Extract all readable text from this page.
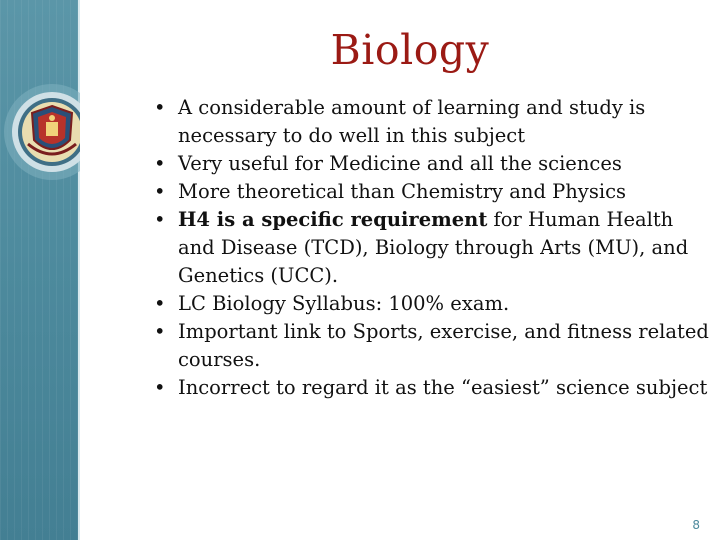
Biology
• A considerable amount of learning and study is necessary to do well in this subject
• Very useful for Medicine and all the sciences
• More theoretical than Chemistry and Physics
• H4 is a specific requirement for Human Health and Disease (TCD), Biology through Arts (MU), and Genetics (UCC).
• LC Biology Syllabus: 100% exam.
• Important link to Sports, exercise, and fitness related courses.
• Incorrect to regard it as the “easiest” science subject
8
